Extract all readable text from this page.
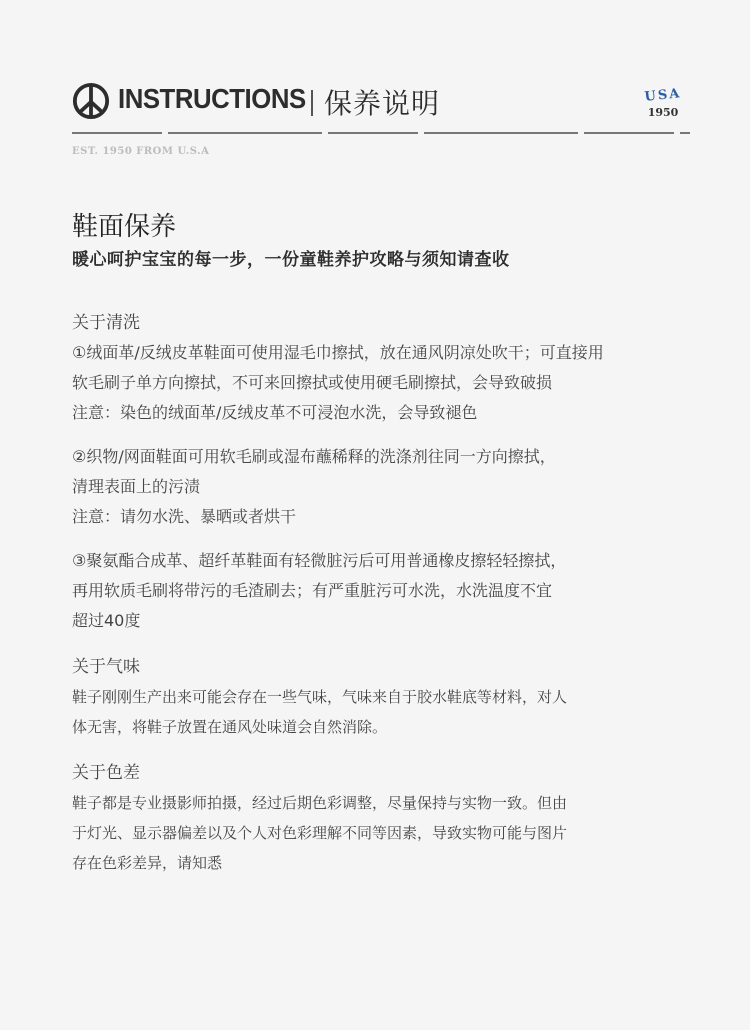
INSTRUCTIONS 保养说明	USA
1950
EST. 1950 FROM U.S.A
鞋面保养
暖心呵护宝宝的每一步，一份童鞋养护攻略与须知请查收

关于清洗

①绒面革/反绒皮革鞋面可使用湿毛巾擦拭，放在通风阴凉处吹干；可直接用

软毛刷子单方向擦拭，不可来回擦拭或使用硬毛刷擦拭，会导致破损

注意：染色的绒面革/反绒皮革不可浸泡水洗，会导致褪色

②织物/网面鞋面可用软毛刷或湿布蘸稀释的洗涤剂往同一方向擦拭，

清理表面上的污渍

注意：请勿水洗、暴晒或者烘干

③聚氨酯合成革、超纤革鞋面有轻微脏污后可用普通橡皮擦轻轻擦拭，

再用软质毛刷将带污的毛渣刷去；有严重脏污可水洗，水洗温度不宜

超过40度

关于气味

鞋子刚刚生产出来可能会存在一些气味，气味来自于胶水鞋底等材料，对人

体无害，将鞋子放置在通风处味道会自然消除。

关于色差

鞋子都是专业摄影师拍摄，经过后期色彩调整，尽量保持与实物一致。但由

于灯光、显示器偏差以及个人对色彩理解不同等因素，导致实物可能与图片

存在色彩差异，请知悉
